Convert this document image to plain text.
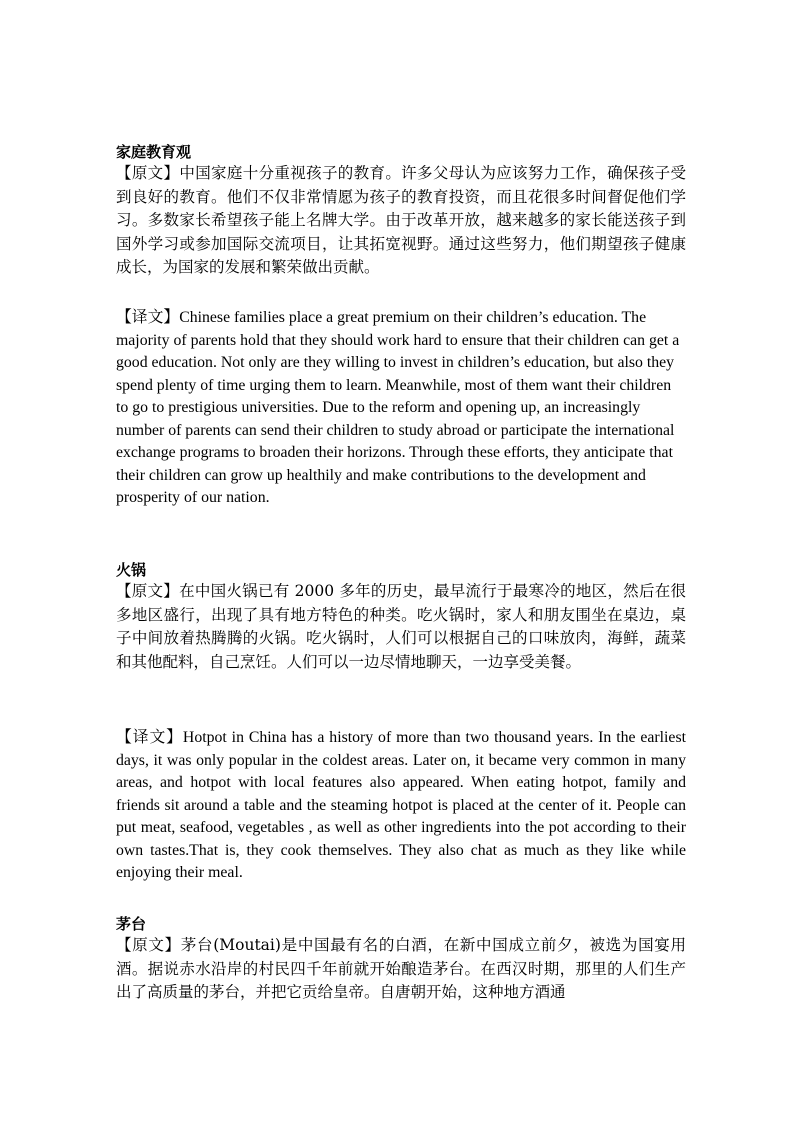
家庭教育观

【原文】中国家庭十分重视孩子的教育。许多父母认为应该努力工作，确保孩子受到良好的教育。他们不仅非常情愿为孩子的教育投资，而且花很多时间督促他们学习。多数家长希望孩子能上名牌大学。由于改革开放，越来越多的家长能送孩子到国外学习或参加国际交流项目，让其拓宽视野。通过这些努力，他们期望孩子健康成长，为国家的发展和繁荣做出贡献。

【译文】Chinese families place a great premium on their children’s education. The majority of parents hold that they should work hard to ensure that their children can get a good education. Not only are they willing to invest in children’s education, but also they spend plenty of time urging them to learn. Meanwhile, most of them want their children to go to prestigious universities. Due to the reform and opening up, an increasingly number of parents can send their children to study abroad or participate the international exchange programs to broaden their horizons. Through these efforts, they anticipate that their children can grow up healthily and make contributions to the development and prosperity of our nation.

火锅

【原文】在中国火锅已有 2000 多年的历史，最早流行于最寒冷的地区，然后在很多地区盛行，出现了具有地方特色的种类。吃火锅时，家人和朋友围坐在桌边，桌子中间放着热腾腾的火锅。吃火锅时，人们可以根据自己的口味放肉，海鲜，蔬菜和其他配料，自己烹饪。人们可以一边尽情地聊天，一边享受美餐。

【译文】Hotpot in China has a history of more than two thousand years. In the earliest days, it was only popular in the coldest areas. Later on, it became very common in many areas, and hotpot with local features also appeared. When eating hotpot, family and friends sit around a table and the steaming hotpot is placed at the center of it. People can put meat, seafood, vegetables , as well as other ingredients into the pot according to their own tastes.That is, they cook themselves. They also chat as much as they like while enjoying their meal.

茅台

【原文】茅台(Moutai)是中国最有名的白酒，在新中国成立前夕，被选为国宴用酒。据说赤水沿岸的村民四千年前就开始酿造茅台。在西汉时期，那里的人们生产出了高质量的茅台，并把它贡给皇帝。自唐朝开始，这种地方酒通
